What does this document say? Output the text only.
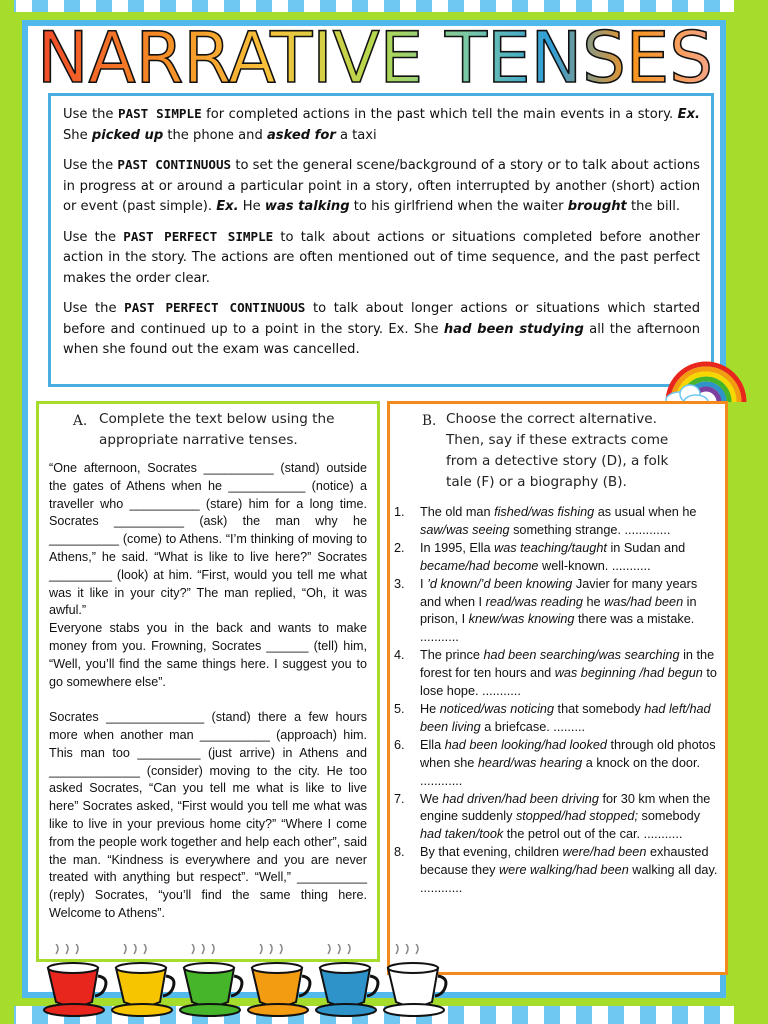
NARRATIVE TENSES

Use the PAST SIMPLE for completed actions in the past which tell the main events in a story. Ex. She picked up the phone and asked for a taxi

Use the PAST CONTINUOUS to set the general scene/background of a story or to talk about actions in progress at or around a particular point in a story, often interrupted by another (short) action or event (past simple). Ex. He was talking to his girlfriend when the waiter brought the bill.

Use the PAST PERFECT SIMPLE to talk about actions or situations completed before another action in the story. The actions are often mentioned out of time sequence, and the past perfect makes the order clear.

Use the PAST PERFECT CONTINUOUS to talk about longer actions or situations which started before and continued up to a point in the story. Ex. She had been studying all the afternoon when she found out the exam was cancelled.

A. Complete the text below using the
appropriate narrative tenses.

“One afternoon, Socrates __________ (stand) outside the gates of Athens when he ___________ (notice) a traveller who __________ (stare) him for a long time. Socrates __________ (ask) the man why he __________ (come) to Athens. “I’m thinking of moving to Athens,” he said. “What is like to live here?” Socrates _________ (look) at him. “First, would you tell me what was it like in your city?” The man replied, “Oh, it was awful.”

Everyone stabs you in the back and wants to make money from you. Frowning, Socrates ______ (tell) him, “Well, you’ll find the same things here. I suggest you to go somewhere else”.

Socrates ______________ (stand) there a few hours more when another man __________ (approach) him. This man too _________ (just arrive) in Athens and _____________ (consider) moving to the city. He too asked Socrates, “Can you tell me what is like to live here” Socrates asked, “First would you tell me what was like to live in your previous home city?” “Where I come from the people work together and help each other”, said the man. “Kindness is everywhere and you are never treated with anything but respect”. “Well,” __________ (reply) Socrates, “you’ll find the same thing here. Welcome to Athens”.

B. Choose the correct alternative.
Then, say if these extracts come
from a detective story (D), a folk
tale (F) or a biography (B).
1.	The old man fished/was fishing as usual when he saw/was seeing something strange. .............
2.	In 1995, Ella was teaching/taught in Sudan and became/had become well-known. ...........
3.	I ’d known/’d been knowing Javier for many years and when I read/was reading he was/had been in prison, I knew/was knowing there was a mistake. ...........
4.	The prince had been searching/was searching in the forest for ten hours and was beginning /had begun to lose hope. ...........
5.	He noticed/was noticing that somebody had left/had been living a briefcase. .........
6.	Ella had been looking/had looked through old photos when she heard/was hearing a knock on the door. ............
7.	We had driven/had been driving for 30 km when the engine suddenly stopped/had stopped; somebody had taken/took the petrol out of the car. ...........
8.	By that evening, children were/had been exhausted because they were walking/had been walking all day. ............
